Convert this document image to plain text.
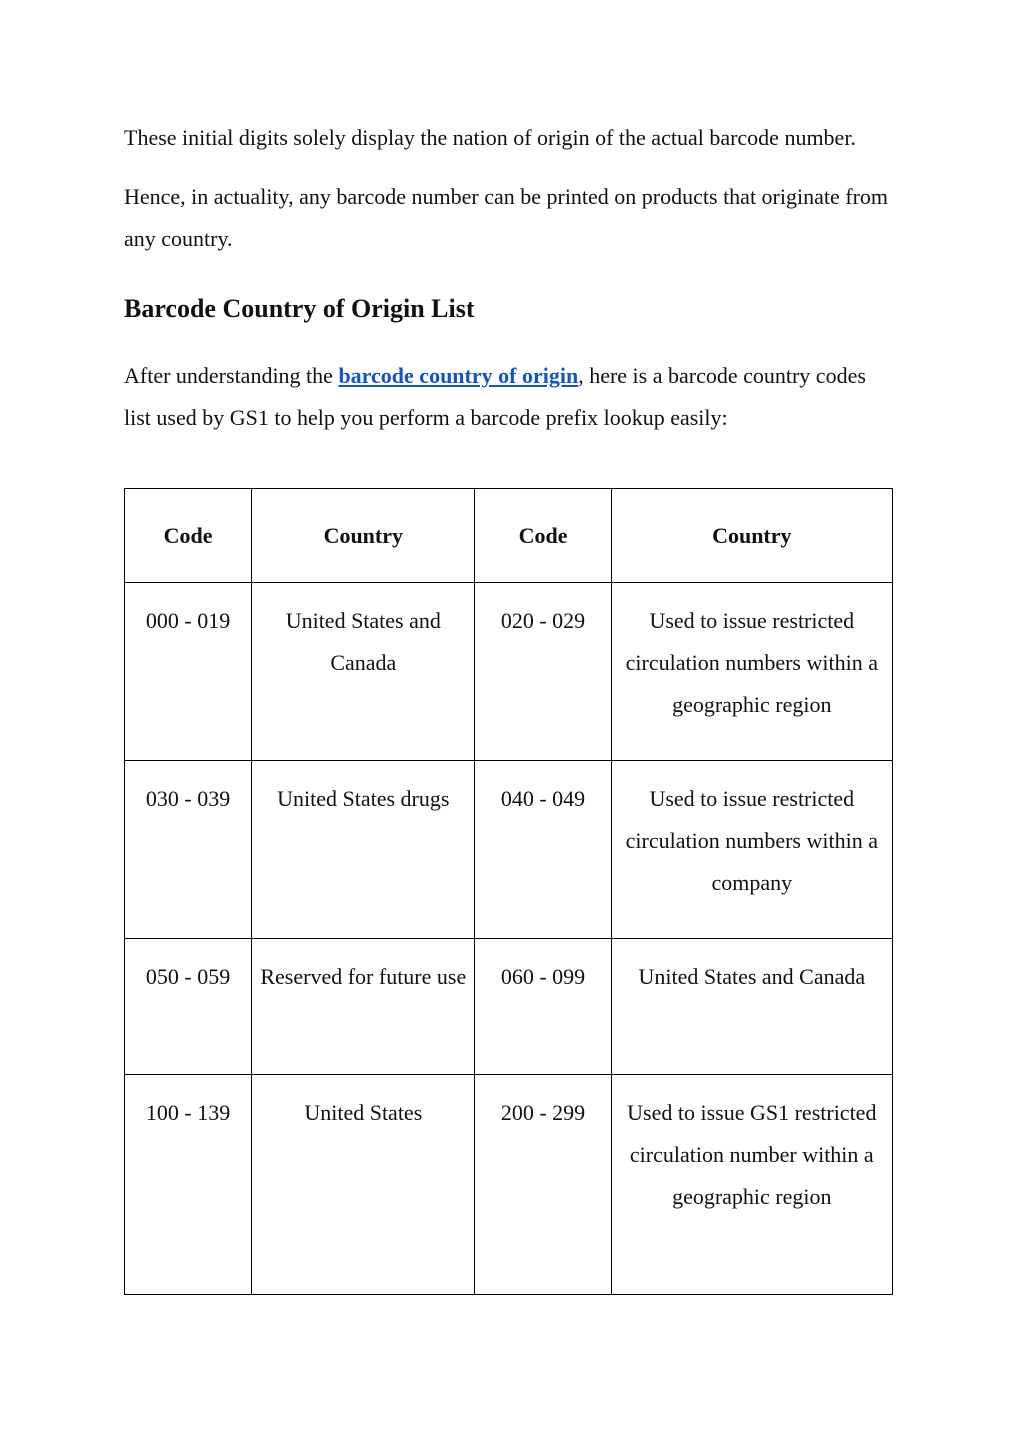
These initial digits solely display the nation of origin of the actual barcode number.

Hence, in actuality, any barcode number can be printed on products that originate from any country.

Barcode Country of Origin List

After understanding the barcode country of origin, here is a barcode country codes list used by GS1 to help you perform a barcode prefix lookup easily:

Code	Country	Code	Country
000 - 019	United States and Canada	020 - 029	Used to issue restricted circulation numbers within a geographic region
030 - 039	United States drugs	040 - 049	Used to issue restricted circulation numbers within a company
050 - 059	Reserved for future use	060 - 099	United States and Canada
100 - 139	United States	200 - 299	Used to issue GS1 restricted circulation number within a geographic region
